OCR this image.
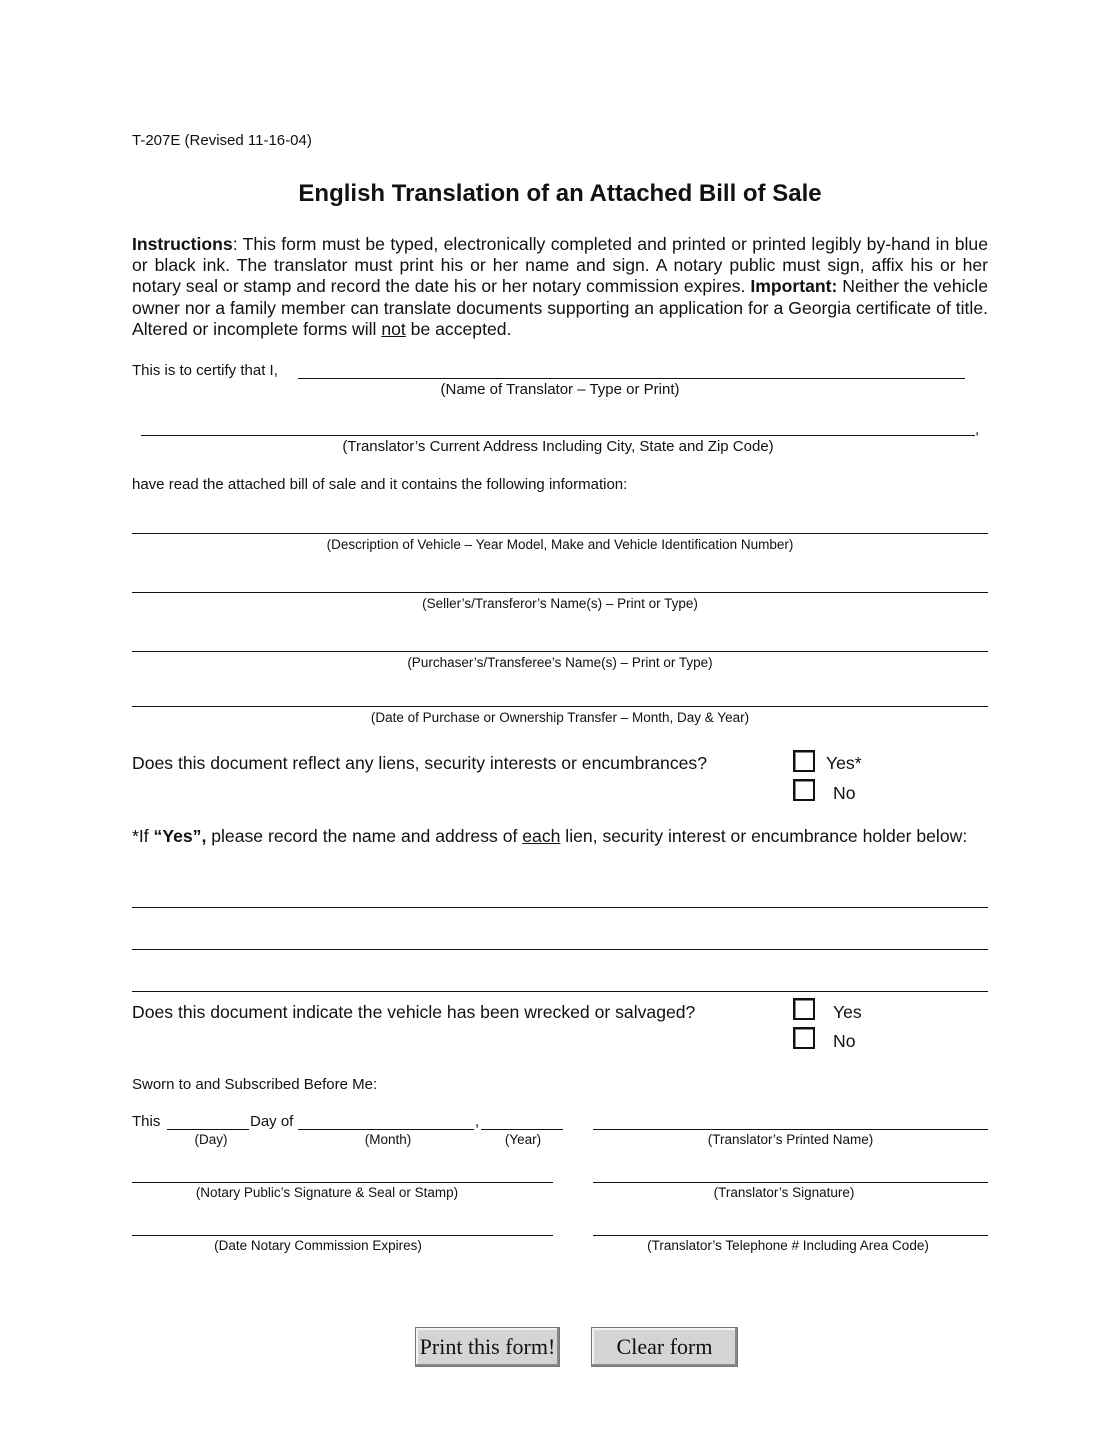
T-207E (Revised 11-16-04)
English Translation of an Attached Bill of Sale
Instructions: This form must be typed, electronically completed and printed or printed legibly by-hand in blue or black ink. The translator must print his or her name and sign. A notary public must sign, affix his or her notary seal or stamp and record the date his or her notary commission expires. Important: Neither the vehicle owner nor a family member can translate documents supporting an application for a Georgia certificate of title. Altered or incomplete forms will not be accepted.
This is to certify that I,
(Name of Translator – Type or Print)
,
(Translator’s Current Address Including City, State and Zip Code)
have read the attached bill of sale and it contains the following information:
(Description of Vehicle – Year Model, Make and Vehicle Identification Number)
(Seller’s/Transferor’s Name(s) – Print or Type)
(Purchaser’s/Transferee’s Name(s) – Print or Type)
(Date of Purchase or Ownership Transfer – Month, Day & Year)
Does this document reflect any liens, security interests or encumbrances?	Yes*
No
*If “Yes”, please record the name and address of each lien, security interest or encumbrance holder below:
Does this document indicate the vehicle has been wrecked or salvaged?	Yes
No
Sworn to and Subscribed Before Me:
This	Day of	,
(Day)	(Month)	(Year)	(Translator’s Printed Name)
(Notary Public’s Signature & Seal or Stamp)	(Translator’s Signature)
(Date Notary Commission Expires)	(Translator’s Telephone # Including Area Code)
Print this form!	Clear form
